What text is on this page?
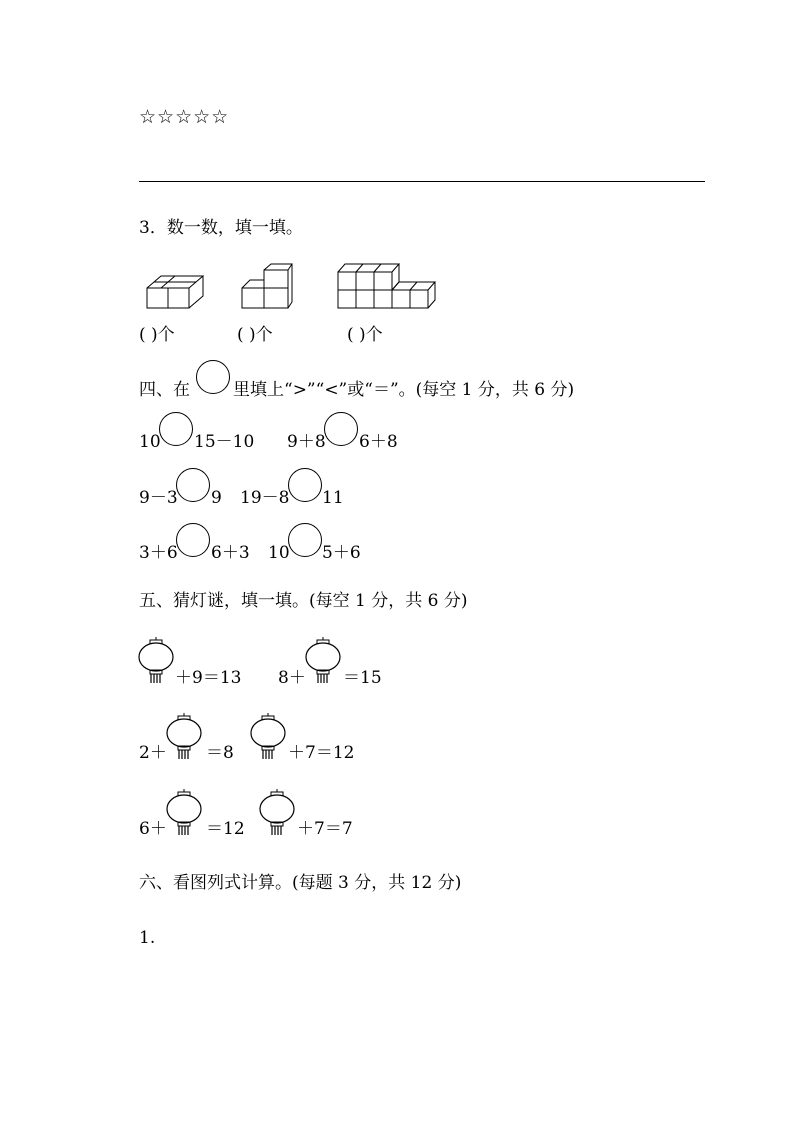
☆☆☆☆☆
3．数一数，填一填。
( )个	( )个	( )个
四、在	里填上“>”“<”或“＝”。(每空 1 分，共 6 分)
10 15－10 9＋8 6＋8
9－3 9 19－8 11
3＋6 6＋3 10 5＋6
五、猜灯谜，填一填。(每空 1 分，共 6 分)
＋9＝13 8＋ ＝15
2＋ ＝8	＋7＝12
6＋ ＝12	＋7＝7
六、看图列式计算。(每题 3 分，共 12 分)
1.
